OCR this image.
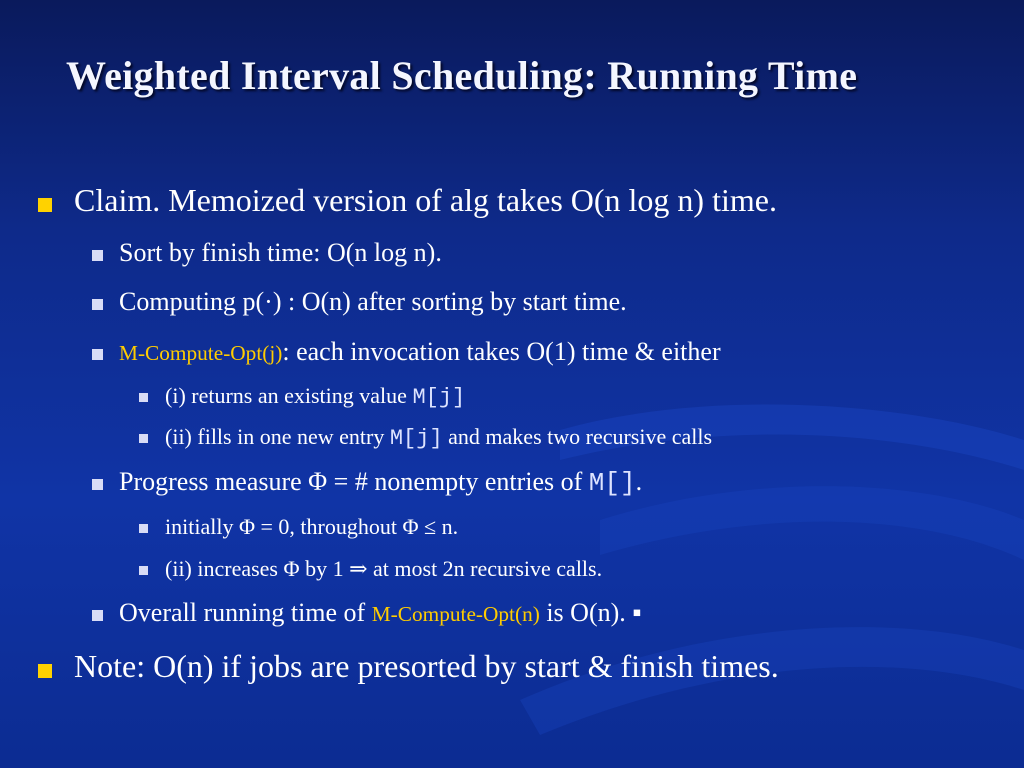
Weighted Interval Scheduling: Running Time
Claim. Memoized version of alg takes O(n log n) time.
Sort by finish time: O(n log n).
Computing p(·) : O(n) after sorting by start time.
M-Compute-Opt(j): each invocation takes O(1) time & either
(i) returns an existing value M[j]
(ii) fills in one new entry M[j] and makes two recursive calls
Progress measure Φ = # nonempty entries of M[].
initially Φ = 0, throughout Φ ≤ n.
(ii) increases Φ by 1 ⇒ at most 2n recursive calls.
Overall running time of M-Compute-Opt(n) is O(n). ▪
Note: O(n) if jobs are presorted by start & finish times.
